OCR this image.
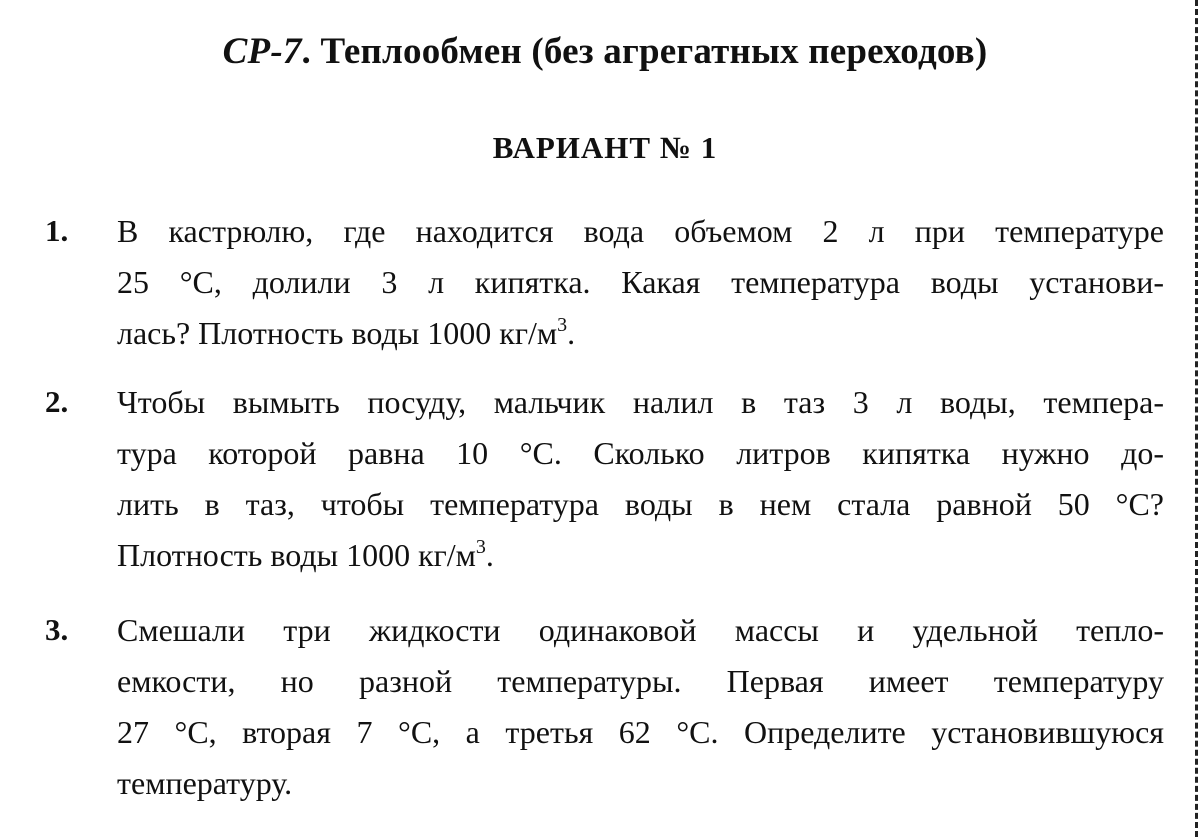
СР-7. Теплообмен (без агрегатных переходов)
ВАРИАНТ № 1
1. В кастрюлю, где находится вода объемом 2 л при температуре
25 °С, долили 3 л кипятка. Какая температура воды установи-
лась? Плотность воды 1000 $кг/м^3$.
2. Чтобы вымыть посуду, мальчик налил в таз 3 л воды, темпера-
тура которой равна 10 °С. Сколько литров кипятка нужно до-
лить в таз, чтобы температура воды в нем стала равной 50 °С?
Плотность воды 1000 $кг/м^3$.
3. Смешали три жидкости одинаковой массы и удельной тепло-
емкости, но разной температуры. Первая имеет температуру
27 °С, вторая 7 °С, а третья 62 °С. Определите установившуюся
температуру.
